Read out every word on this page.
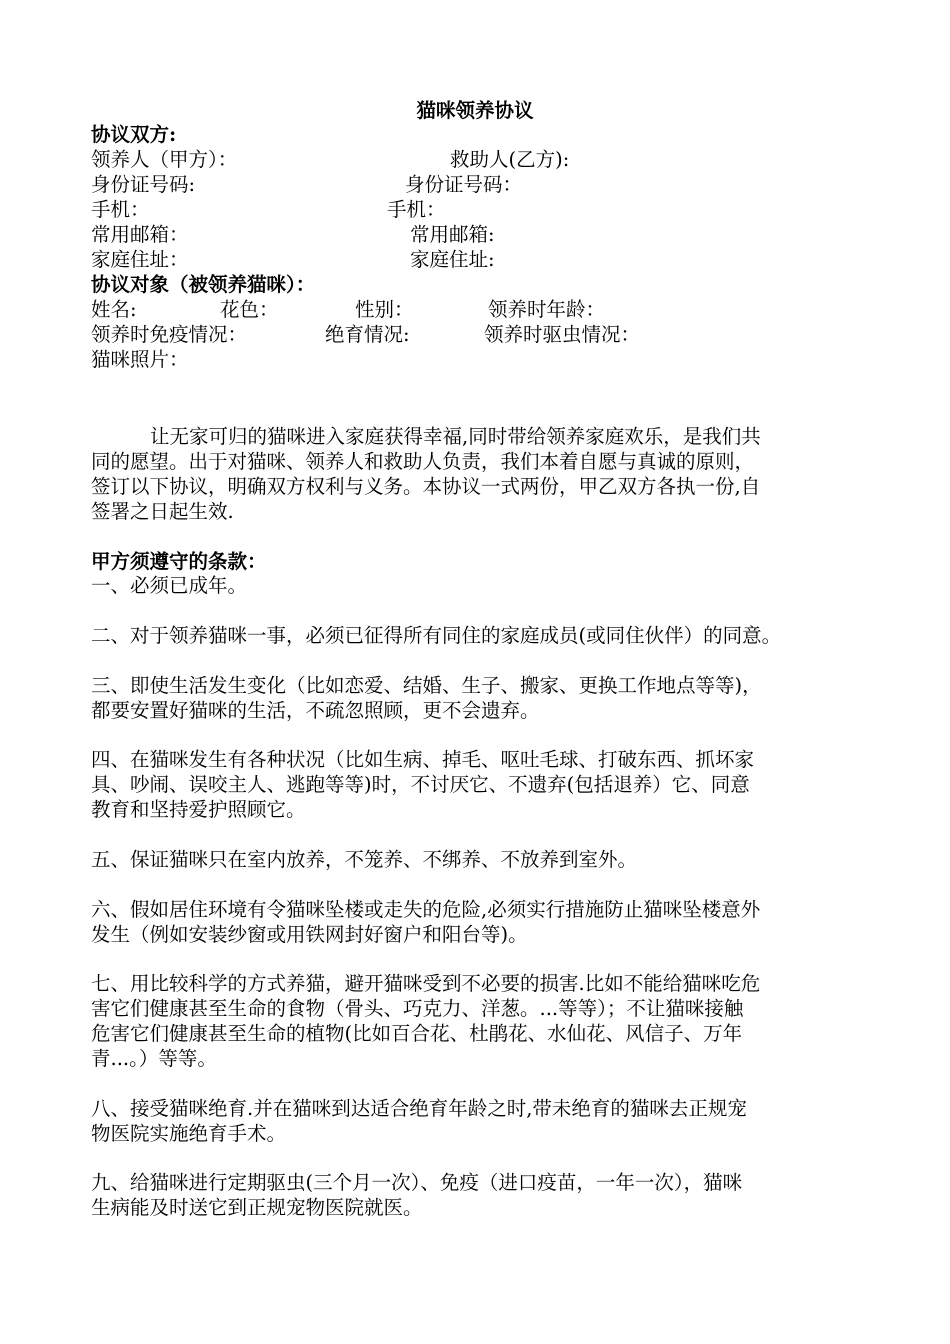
猫咪领养协议
协议双方:
领养人（甲方）：	救助人(乙方):
身份证号码:	身份证号码：
手机：	手机：
常用邮箱：	常用邮箱:
家庭住址：	家庭住址:
协议对象（被领养猫咪）：
姓名:	花色：	性别：	领养时年龄：
领养时免疫情况：	绝育情况:	领养时驱虫情况：
猫咪照片：
让无家可归的猫咪进入家庭获得幸福,同时带给领养家庭欢乐，是我们共
同的愿望。出于对猫咪、领养人和救助人负责，我们本着自愿与真诚的原则，
签订以下协议，明确双方权利与义务。本协议一式两份，甲乙双方各执一份,自
签署之日起生效.
甲方须遵守的条款：
一、必须已成年。
二、对于领养猫咪一事，必须已征得所有同住的家庭成员(或同住伙伴）的同意。
三、即使生活发生变化（比如恋爱、结婚、生子、搬家、更换工作地点等等)，
都要安置好猫咪的生活，不疏忽照顾，更不会遗弃。
四、在猫咪发生有各种状况（比如生病、掉毛、呕吐毛球、打破东西、抓坏家
具、吵闹、误咬主人、逃跑等等)时，不讨厌它、不遗弃(包括退养）它、同意
教育和坚持爱护照顾它。
五、保证猫咪只在室内放养，不笼养、不绑养、不放养到室外。
六、假如居住环境有令猫咪坠楼或走失的危险,必须实行措施防止猫咪坠楼意外
发生（例如安装纱窗或用铁网封好窗户和阳台等)。
七、用比较科学的方式养猫，避开猫咪受到不必要的损害.比如不能给猫咪吃危
害它们健康甚至生命的食物（骨头、巧克力、洋葱。...等等）；不让猫咪接触
危害它们健康甚至生命的植物(比如百合花、杜鹃花、水仙花、风信子、万年
青...。）等等。
八、接受猫咪绝育.并在猫咪到达适合绝育年龄之时,带未绝育的猫咪去正规宠
物医院实施绝育手术。
九、给猫咪进行定期驱虫(三个月一次）、免疫（进口疫苗，一年一次），猫咪
生病能及时送它到正规宠物医院就医。
